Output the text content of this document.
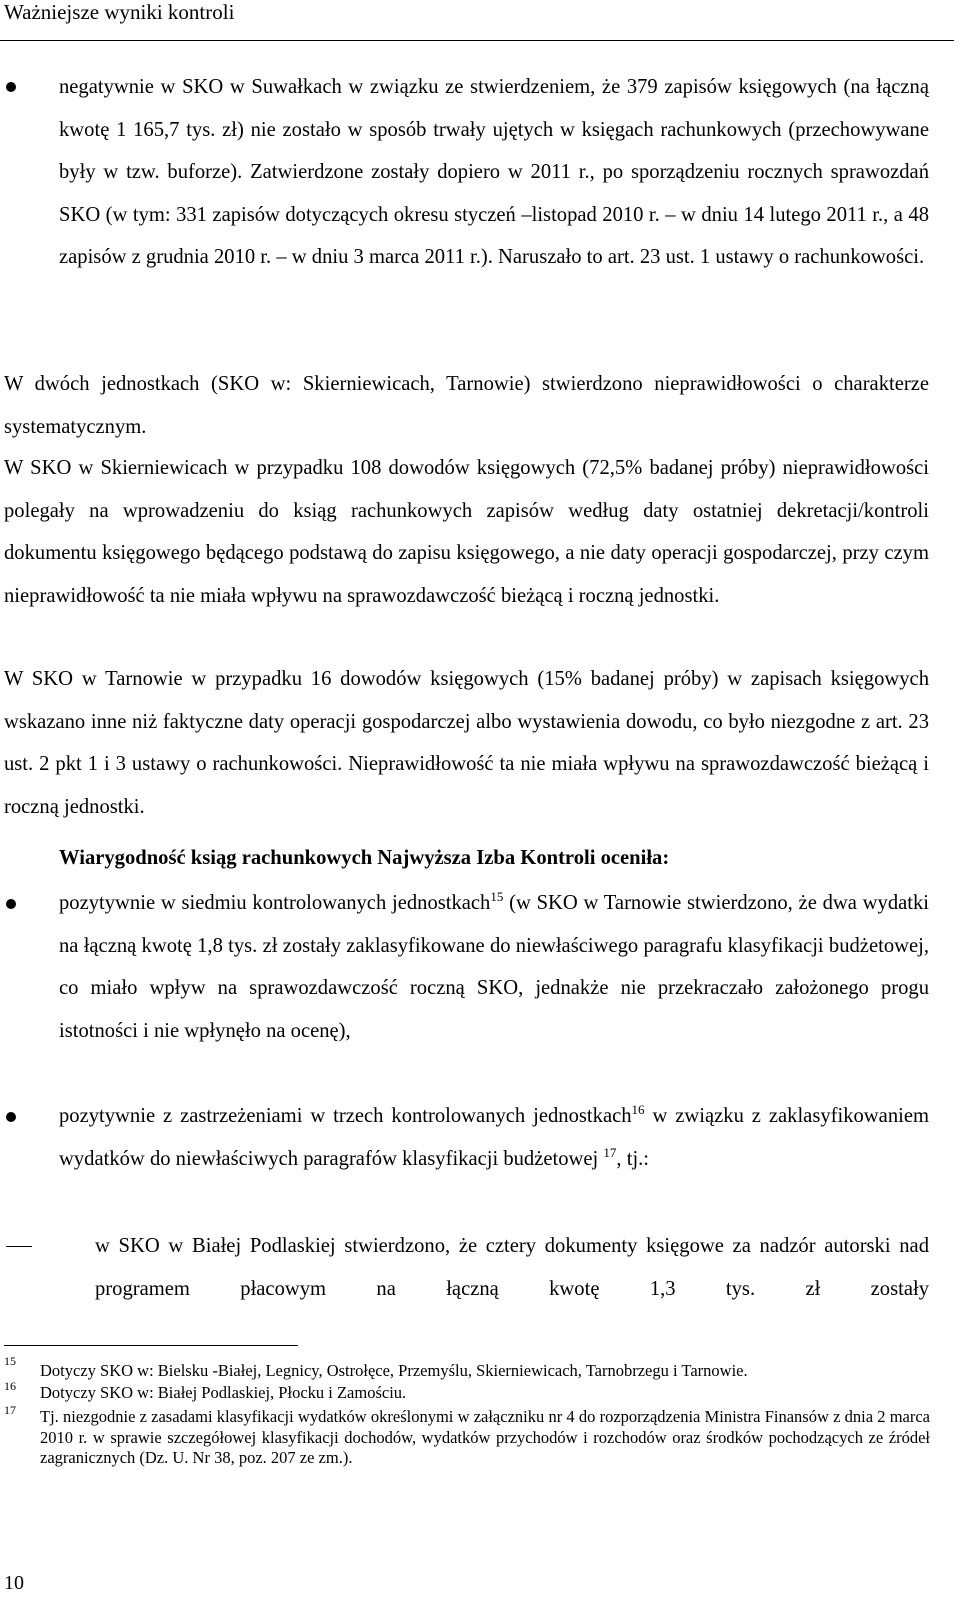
Ważniejsze wyniki kontroli
negatywnie w SKO w Suwałkach w związku ze stwierdzeniem, że 379 zapisów księgowych (na łączną kwotę 1 165,7 tys. zł) nie zostało w sposób trwały ujętych w księgach rachunkowych (przechowywane były w tzw. buforze). Zatwierdzone zostały dopiero w 2011 r., po sporządzeniu rocznych sprawozdań SKO (w tym: 331 zapisów dotyczących okresu styczeń –listopad 2010 r. – w dniu 14 lutego 2011 r., a 48 zapisów z grudnia 2010 r. – w dniu 3 marca 2011 r.). Naruszało to art. 23 ust. 1 ustawy o rachunkowości.
W dwóch jednostkach (SKO w: Skierniewicach, Tarnowie) stwierdzono nieprawidłowości o charakterze systematycznym.
W SKO w Skierniewicach w przypadku 108 dowodów księgowych (72,5% badanej próby) nieprawidłowości polegały na wprowadzeniu do ksiąg rachunkowych zapisów według daty ostatniej dekretacji/kontroli dokumentu księgowego będącego podstawą do zapisu księgowego, a nie daty operacji gospodarczej, przy czym nieprawidłowość ta nie miała wpływu na sprawozdawczość bieżącą i roczną jednostki.
W SKO w Tarnowie w przypadku 16 dowodów księgowych (15% badanej próby) w zapisach księgowych wskazano inne niż faktyczne daty operacji gospodarczej albo wystawienia dowodu, co było niezgodne z art. 23 ust. 2 pkt 1 i 3 ustawy o rachunkowości. Nieprawidłowość ta nie miała wpływu na sprawozdawczość bieżącą i roczną jednostki.
Wiarygodność ksiąg rachunkowych Najwyższa Izba Kontroli oceniła:
pozytywnie w siedmiu kontrolowanych jednostkach$^{15}$ (w SKO w Tarnowie stwierdzono, że dwa wydatki na łączną kwotę 1,8 tys. zł zostały zaklasyfikowane do niewłaściwego paragrafu klasyfikacji budżetowej, co miało wpływ na sprawozdawczość roczną SKO, jednakże nie przekraczało założonego progu istotności i nie wpłynęło na ocenę),
pozytywnie z zastrzeżeniami w trzech kontrolowanych jednostkach$^{16}$ w związku z zaklasyfikowaniem wydatków do niewłaściwych paragrafów klasyfikacji budżetowej $^{17}$, tj.:
w SKO w Białej Podlaskiej stwierdzono, że cztery dokumenty księgowe za nadzór autorski nad programem płacowym na łączną kwotę 1,3 tys. zł zostały
15 Dotyczy SKO w: Bielsku -Białej, Legnicy, Ostrołęce, Przemyślu, Skierniewicach, Tarnobrzegu i Tarnowie.
16 Dotyczy SKO w: Białej Podlaskiej, Płocku i Zamościu.
17 Tj. niezgodnie z zasadami klasyfikacji wydatków określonymi w załączniku nr 4 do rozporządzenia Ministra Finansów z dnia 2 marca 2010 r. w sprawie szczegółowej klasyfikacji dochodów, wydatków przychodów i rozchodów oraz środków pochodzących ze źródeł zagranicznych (Dz. U. Nr 38, poz. 207 ze zm.).
10
